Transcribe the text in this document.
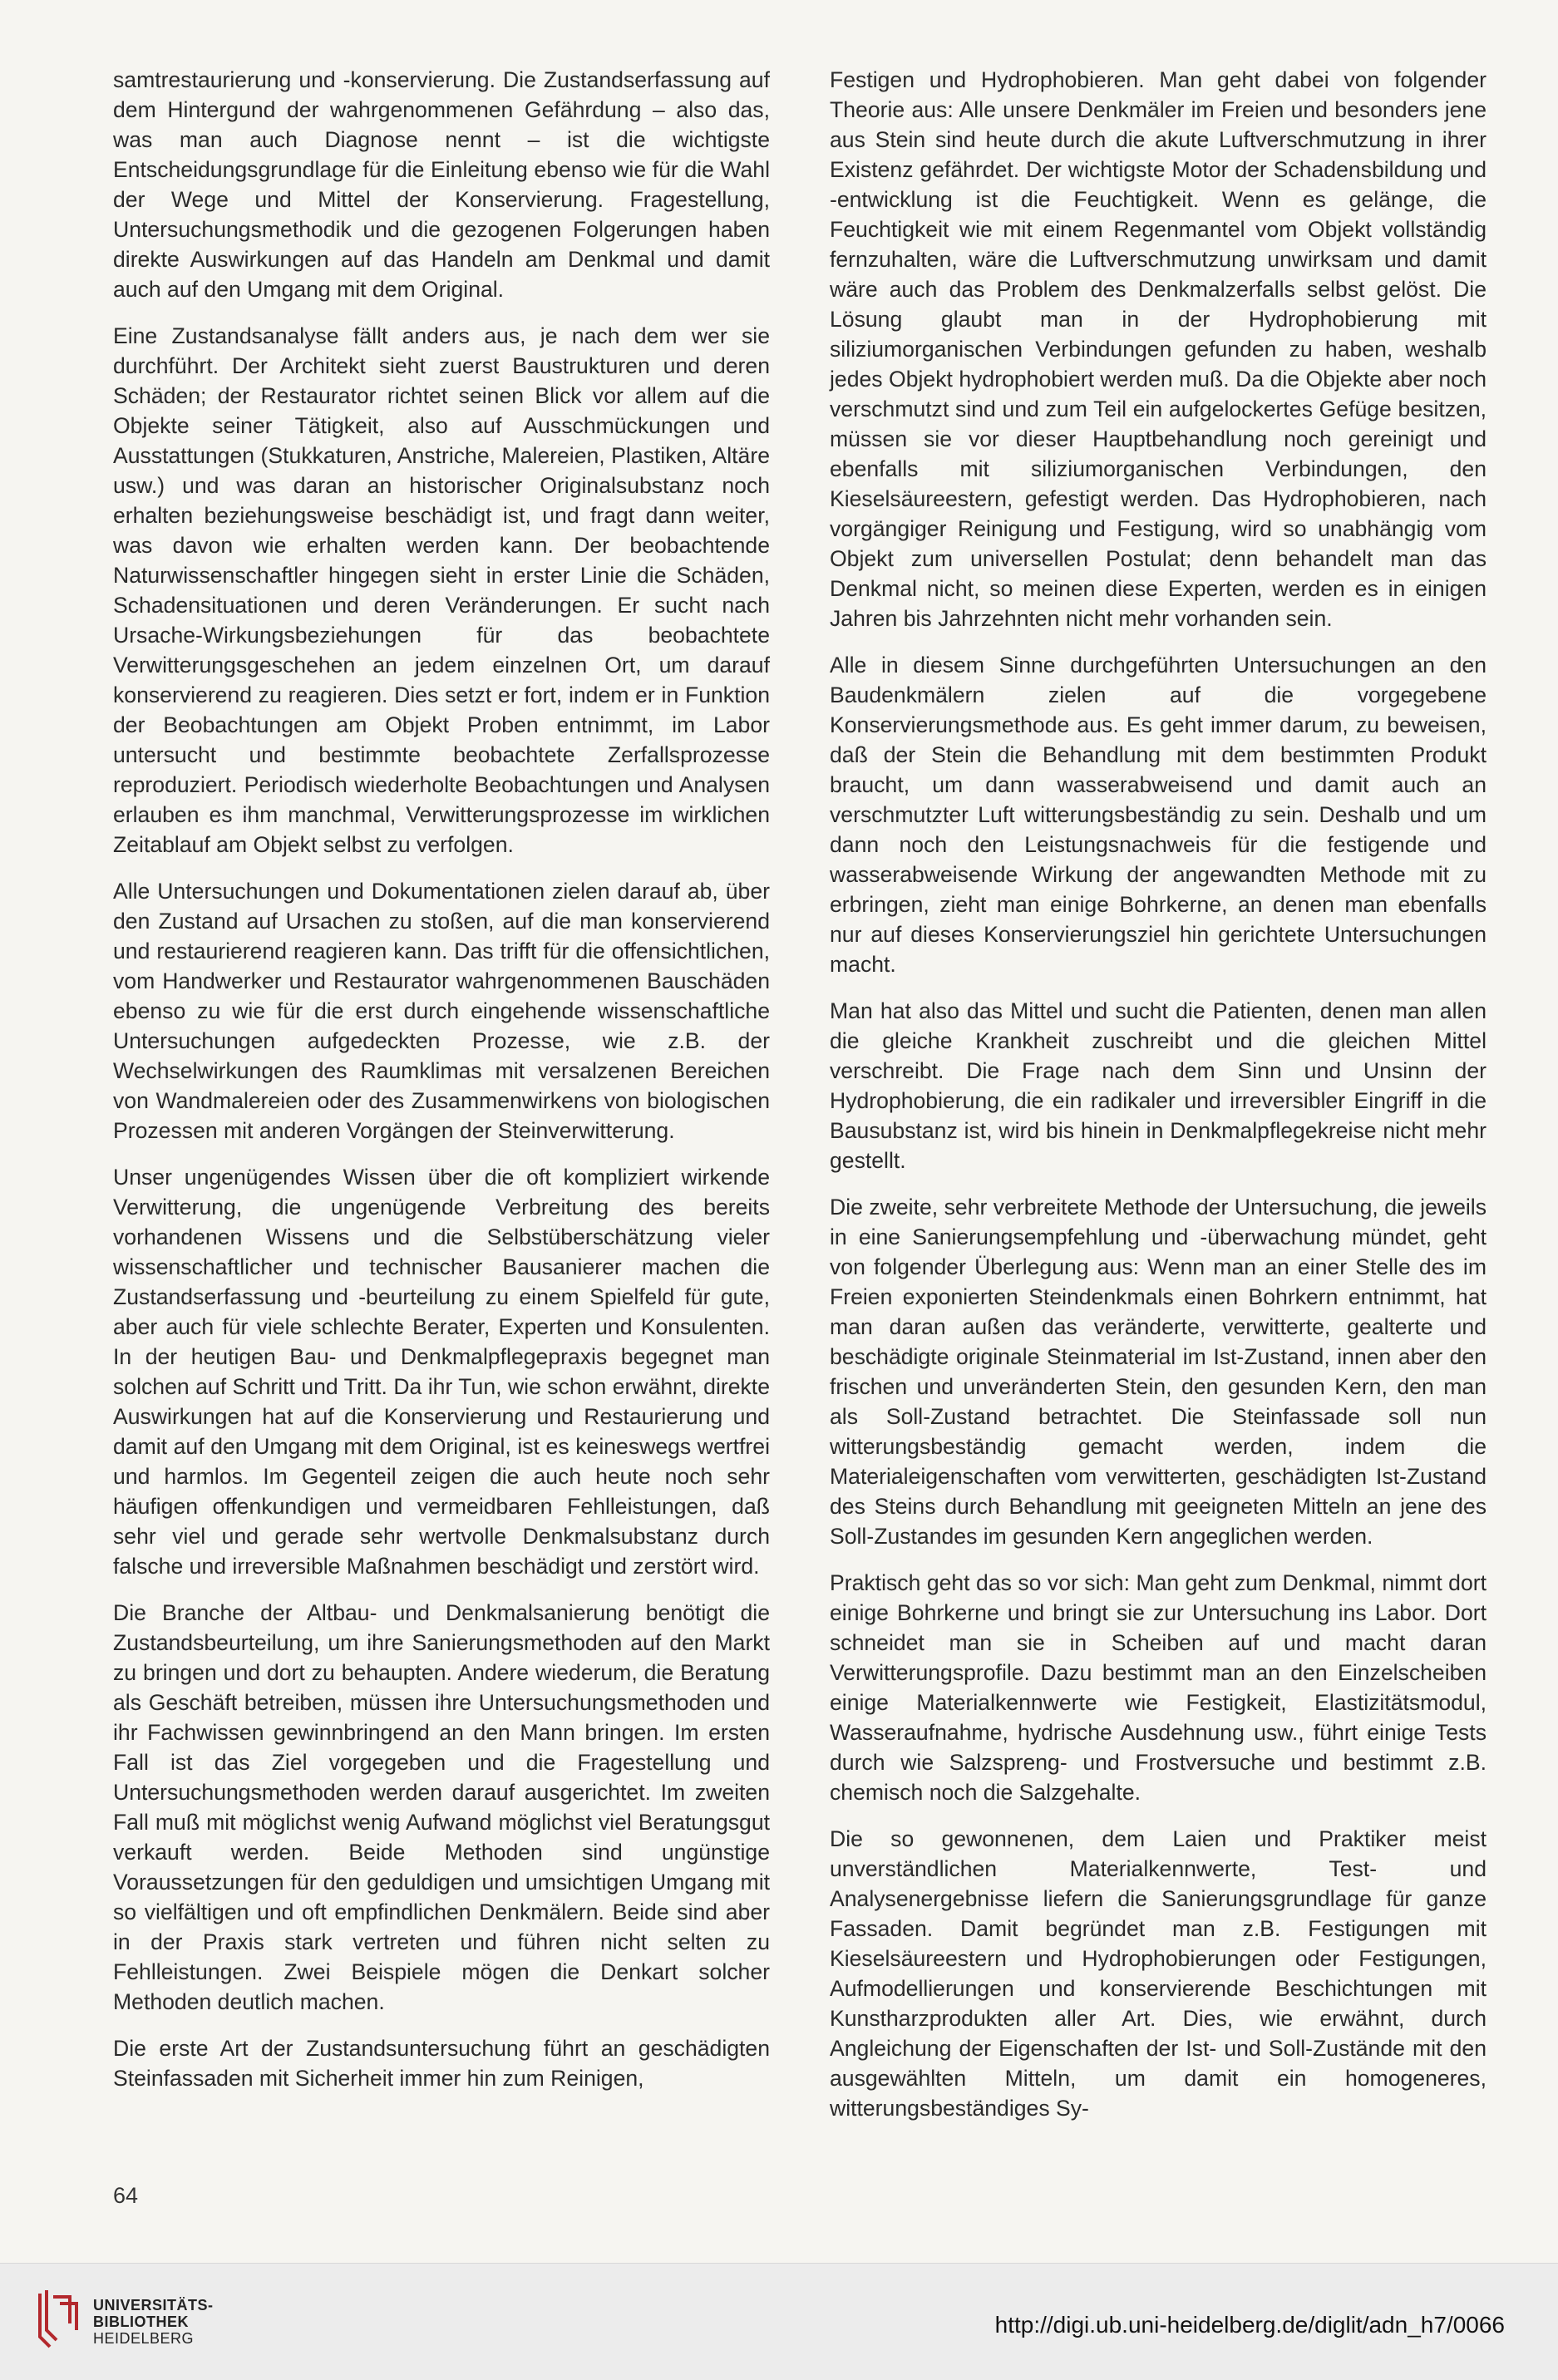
samtrestaurierung und -konservierung. Die Zustandserfassung auf dem Hintergund der wahrgenommenen Gefährdung – also das, was man auch Diagnose nennt – ist die wichtigste Entscheidungsgrundlage für die Einleitung ebenso wie für die Wahl der Wege und Mittel der Konservierung. Fragestellung, Untersuchungsmethodik und die gezogenen Folgerungen haben direkte Auswirkungen auf das Handeln am Denkmal und damit auch auf den Umgang mit dem Original.

Eine Zustandsanalyse fällt anders aus, je nach dem wer sie durchführt. Der Architekt sieht zuerst Baustrukturen und deren Schäden; der Restaurator richtet seinen Blick vor allem auf die Objekte seiner Tätigkeit, also auf Ausschmückungen und Ausstattungen (Stukkaturen, Anstriche, Malereien, Plastiken, Altäre usw.) und was daran an historischer Originalsubstanz noch erhalten beziehungsweise beschädigt ist, und fragt dann weiter, was davon wie erhalten werden kann. Der beobachtende Naturwissenschaftler hingegen sieht in erster Linie die Schäden, Schadensituationen und deren Veränderungen. Er sucht nach Ursache-Wirkungsbeziehungen für das beobachtete Verwitterungsgeschehen an jedem einzelnen Ort, um darauf konservierend zu reagieren. Dies setzt er fort, indem er in Funktion der Beobachtungen am Objekt Proben entnimmt, im Labor untersucht und bestimmte beobachtete Zerfallsprozesse reproduziert. Periodisch wiederholte Beobachtungen und Analysen erlauben es ihm manchmal, Verwitterungsprozesse im wirklichen Zeitablauf am Objekt selbst zu verfolgen.

Alle Untersuchungen und Dokumentationen zielen darauf ab, über den Zustand auf Ursachen zu stoßen, auf die man konservierend und restaurierend reagieren kann. Das trifft für die offensichtlichen, vom Handwerker und Restaurator wahrgenommenen Bauschäden ebenso zu wie für die erst durch eingehende wissenschaftliche Untersuchungen aufgedeckten Prozesse, wie z.B. der Wechselwirkungen des Raumklimas mit versalzenen Bereichen von Wandmalereien oder des Zusammenwirkens von biologischen Prozessen mit anderen Vorgängen der Steinverwitterung.

Unser ungenügendes Wissen über die oft kompliziert wirkende Verwitterung, die ungenügende Verbreitung des bereits vorhandenen Wissens und die Selbstüberschätzung vieler wissenschaftlicher und technischer Bausanierer machen die Zustandserfassung und -beurteilung zu einem Spielfeld für gute, aber auch für viele schlechte Berater, Experten und Konsulenten. In der heutigen Bau- und Denkmalpflegepraxis begegnet man solchen auf Schritt und Tritt. Da ihr Tun, wie schon erwähnt, direkte Auswirkungen hat auf die Konservierung und Restaurierung und damit auf den Umgang mit dem Original, ist es keineswegs wertfrei und harmlos. Im Gegenteil zeigen die auch heute noch sehr häufigen offenkundigen und vermeidbaren Fehlleistungen, daß sehr viel und gerade sehr wertvolle Denkmalsubstanz durch falsche und irreversible Maßnahmen beschädigt und zerstört wird.

Die Branche der Altbau- und Denkmalsanierung benötigt die Zustandsbeurteilung, um ihre Sanierungsmethoden auf den Markt zu bringen und dort zu behaupten. Andere wiederum, die Beratung als Geschäft betreiben, müssen ihre Untersuchungsmethoden und ihr Fachwissen gewinnbringend an den Mann bringen. Im ersten Fall ist das Ziel vorgegeben und die Fragestellung und Untersuchungsmethoden werden darauf ausgerichtet. Im zweiten Fall muß mit möglichst wenig Aufwand möglichst viel Beratungsgut verkauft werden. Beide Methoden sind ungünstige Voraussetzungen für den geduldigen und umsichtigen Umgang mit so vielfältigen und oft empfindlichen Denkmälern. Beide sind aber in der Praxis stark vertreten und führen nicht selten zu Fehlleistungen. Zwei Beispiele mögen die Denkart solcher Methoden deutlich machen.

Die erste Art der Zustandsuntersuchung führt an geschädigten Steinfassaden mit Sicherheit immer hin zum Reinigen,

Festigen und Hydrophobieren. Man geht dabei von folgender Theorie aus: Alle unsere Denkmäler im Freien und besonders jene aus Stein sind heute durch die akute Luftverschmutzung in ihrer Existenz gefährdet. Der wichtigste Motor der Schadensbildung und -entwicklung ist die Feuchtigkeit. Wenn es gelänge, die Feuchtigkeit wie mit einem Regenmantel vom Objekt vollständig fernzuhalten, wäre die Luftverschmutzung unwirksam und damit wäre auch das Problem des Denkmalzerfalls selbst gelöst. Die Lösung glaubt man in der Hydrophobierung mit siliziumorganischen Verbindungen gefunden zu haben, weshalb jedes Objekt hydrophobiert werden muß. Da die Objekte aber noch verschmutzt sind und zum Teil ein aufgelockertes Gefüge besitzen, müssen sie vor dieser Hauptbehandlung noch gereinigt und ebenfalls mit siliziumorganischen Verbindungen, den Kieselsäureestern, gefestigt werden. Das Hydrophobieren, nach vorgängiger Reinigung und Festigung, wird so unabhängig vom Objekt zum universellen Postulat; denn behandelt man das Denkmal nicht, so meinen diese Experten, werden es in einigen Jahren bis Jahrzehnten nicht mehr vorhanden sein.

Alle in diesem Sinne durchgeführten Untersuchungen an den Baudenkmälern zielen auf die vorgegebene Konservierungsmethode aus. Es geht immer darum, zu beweisen, daß der Stein die Behandlung mit dem bestimmten Produkt braucht, um dann wasserabweisend und damit auch an verschmutzter Luft witterungsbeständig zu sein. Deshalb und um dann noch den Leistungsnachweis für die festigende und wasserabweisende Wirkung der angewandten Methode mit zu erbringen, zieht man einige Bohrkerne, an denen man ebenfalls nur auf dieses Konservierungsziel hin gerichtete Untersuchungen macht.

Man hat also das Mittel und sucht die Patienten, denen man allen die gleiche Krankheit zuschreibt und die gleichen Mittel verschreibt. Die Frage nach dem Sinn und Unsinn der Hydrophobierung, die ein radikaler und irreversibler Eingriff in die Bausubstanz ist, wird bis hinein in Denkmalpflegekreise nicht mehr gestellt.

Die zweite, sehr verbreitete Methode der Untersuchung, die jeweils in eine Sanierungsempfehlung und -überwachung mündet, geht von folgender Überlegung aus: Wenn man an einer Stelle des im Freien exponierten Steindenkmals einen Bohrkern entnimmt, hat man daran außen das veränderte, verwitterte, gealterte und beschädigte originale Steinmaterial im Ist-Zustand, innen aber den frischen und unveränderten Stein, den gesunden Kern, den man als Soll-Zustand betrachtet. Die Steinfassade soll nun witterungsbeständig gemacht werden, indem die Materialeigenschaften vom verwitterten, geschädigten Ist-Zustand des Steins durch Behandlung mit geeigneten Mitteln an jene des Soll-Zustandes im gesunden Kern angeglichen werden.

Praktisch geht das so vor sich: Man geht zum Denkmal, nimmt dort einige Bohrkerne und bringt sie zur Untersuchung ins Labor. Dort schneidet man sie in Scheiben auf und macht daran Verwitterungsprofile. Dazu bestimmt man an den Einzelscheiben einige Materialkennwerte wie Festigkeit, Elastizitätsmodul, Wasseraufnahme, hydrische Ausdehnung usw., führt einige Tests durch wie Salzspreng- und Frostversuche und bestimmt z.B. chemisch noch die Salzgehalte.

Die so gewonnenen, dem Laien und Praktiker meist unverständlichen Materialkennwerte, Test- und Analysenergebnisse liefern die Sanierungsgrundlage für ganze Fassaden. Damit begründet man z.B. Festigungen mit Kieselsäureestern und Hydrophobierungen oder Festigungen, Aufmodellierungen und konservierende Beschichtungen mit Kunstharzprodukten aller Art. Dies, wie erwähnt, durch Angleichung der Eigenschaften der Ist- und Soll-Zustände mit den ausgewählten Mitteln, um damit ein homogeneres, witterungsbeständiges Sy-

64
UNIVERSITÄTS-
BIBLIOTHEK
HEIDELBERG
http://digi.ub.uni-heidelberg.de/diglit/adn_h7/0066
